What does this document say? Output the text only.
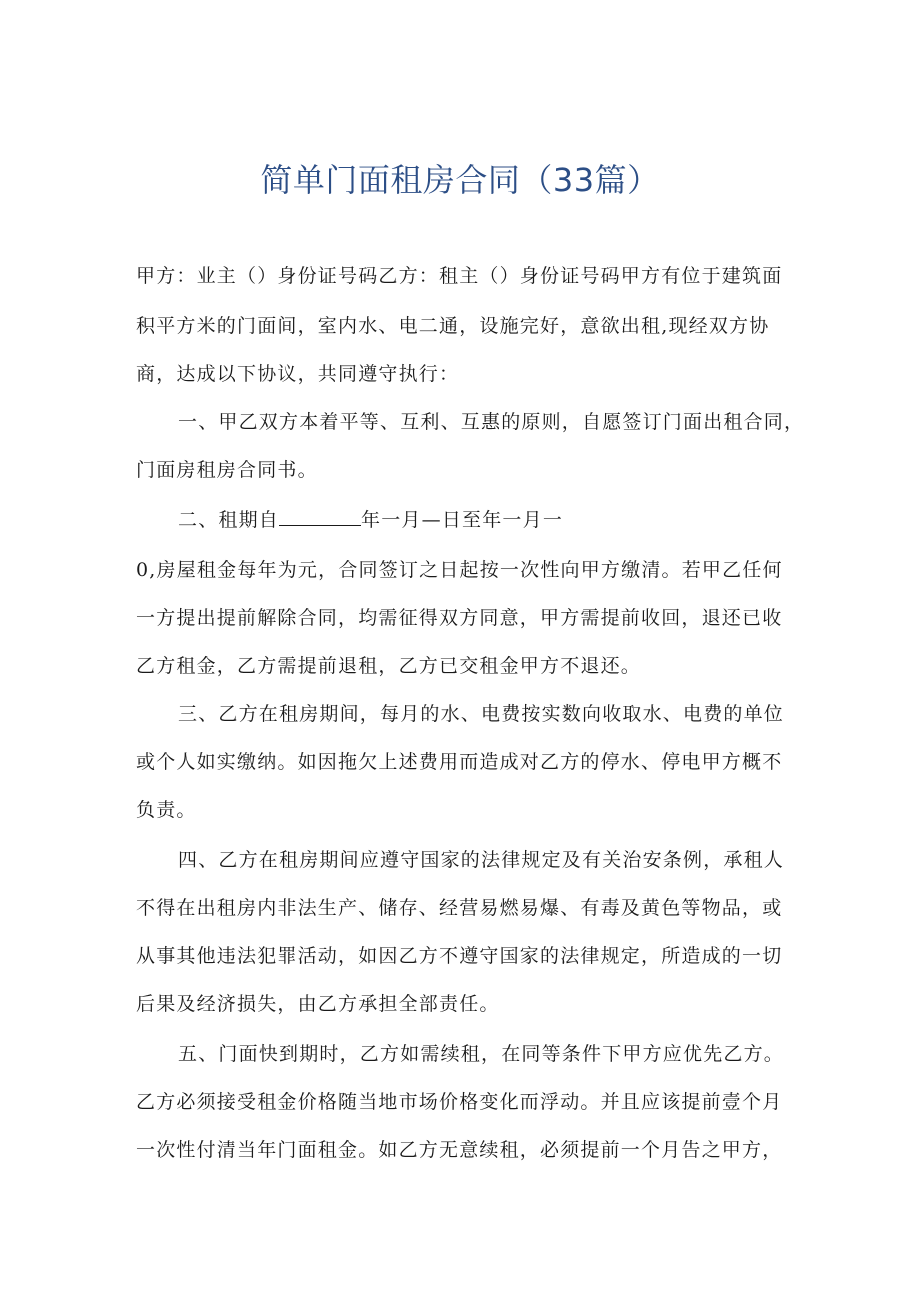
简单门面租房合同（33篇）

甲方：业主（）身份证号码乙方：租主（）身份证号码甲方有位于建筑面

积平方米的门面间，室内水、电二通，设施完好，意欲出租,现经双方协

商，达成以下协议，共同遵守执行：

一、甲乙双方本着平等、互利、互惠的原则，自愿签订门面出租合同，

门面房租房合同书。

二、租期自	年一月—日至年一月一

0,房屋租金每年为元，合同签订之日起按一次性向甲方缴清。若甲乙任何

一方提出提前解除合同，均需征得双方同意，甲方需提前收回，退还已收

乙方租金，乙方需提前退租，乙方已交租金甲方不退还。

三、乙方在租房期间，每月的水、电费按实数向收取水、电费的单位

或个人如实缴纳。如因拖欠上述费用而造成对乙方的停水、停电甲方概不

负责。

四、乙方在租房期间应遵守国家的法律规定及有关治安条例，承租人

不得在出租房内非法生产、储存、经营易燃易爆、有毒及黄色等物品，或

从事其他违法犯罪活动，如因乙方不遵守国家的法律规定，所造成的一切

后果及经济损失，由乙方承担全部责任。

五、门面快到期时，乙方如需续租，在同等条件下甲方应优先乙方。

乙方必须接受租金价格随当地市场价格变化而浮动。并且应该提前壹个月

一次性付清当年门面租金。如乙方无意续租，必须提前一个月告之甲方，
